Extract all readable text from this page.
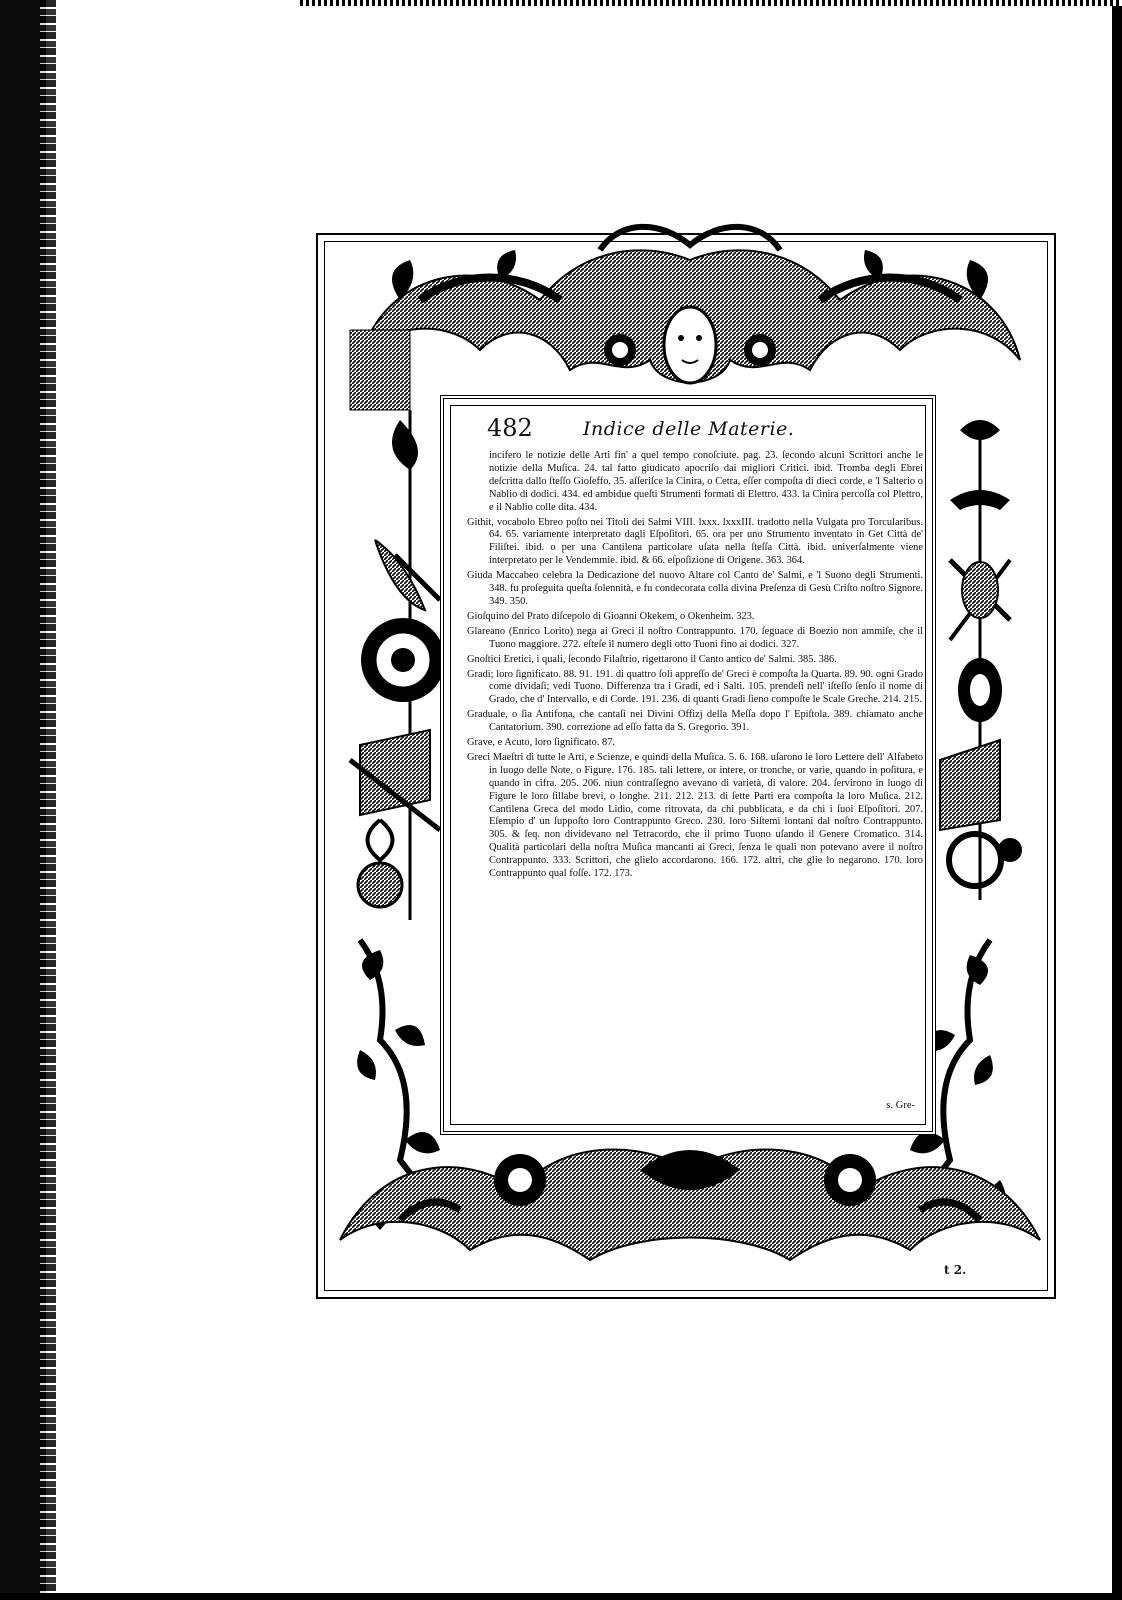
482	Indice delle Materie.

incifero le notizie delle Arti fin' a quel tempo conoſciute. pag. 23. ſecondo alcuni Scrittori anche le notizie della Muſica. 24. tal fatto giudicato apocriſo dai migliori Critici. ibid. Tromba degli Ebrei deſcritta dallo ſteſſo Gioſeffo. 35. aſſeriſce la Cinira, o Cetra, eſſer compoſta di dieci corde, e 'l Salterio o Nablio di dodici. 434. ed ambidue queſti Strumenti formati di Elettro. 433. la Cinira percoſſa col Plettro, e il Nablio colle dita. 434.

Githit, vocabolo Ebreo poſto nei Titoli dei Salmi VIII. lxxx. lxxxIII. tradotto nella Vulgata pro Torcularibus. 64. 65. variamente interpretato dagli Eſpoſitori. 65. ora per uno Strumento inventato in Get Città de' Filiſtei. ibid. o per una Cantilena particolare uſata nella ſteſſa Città. ibid. univerſalmente viene interpretato per le Vendemmie. ibid. & 66. eſpoſizione di Origene. 363. 364.

Giuda Maccabeo celebra la Dedicazione del nuovo Altare col Canto de' Salmi, e 'l Suono degli Strumenti. 348. fu proſeguita queſta ſolennità, e fu condecorata colla divina Preſenza di Gesù Criſto noſtro Signore. 349. 350.

Gioſquino del Prato diſcepolo di Gioanni Okekem, o Okenheim. 323.

Glareano (Enrico Lorito) nega ai Greci il noſtro Contrappunto. 170. ſeguace di Boezio non ammiſe, che il Tuono maggiore. 272. eſteſe il numero degli otto Tuoni fino ai dodici. 327.

Gnoſtici Eretici, i quali, ſecondo Filaſtrio, rigettarono il Canto antico de' Salmi. 385. 386.

Gradi; loro ſignificato. 88. 91. 191. di quattro ſoli appreſſo de' Greci è compoſta la Quarta. 89. 90. ogni Grado come dividaſi; vedi Tuono. Differenza tra i Gradi, ed i Salti. 105. prendeſi nell' iſteſſo ſenſo il nome di Grado, che d' Intervallo, e di Corde. 191. 236. di quanti Gradi ſieno compoſte le Scale Greche. 214. 215.

Graduale, o ſia Antifona, che cantaſi nei Divini Offizj della Meſſa dopo l' Epiſtola. 389. chiamato anche Cantatorium. 390. correzione ad eſſo fatta da S. Gregorio. 391.

Grave, e Acuto, loro ſignificato. 87.

Greci Maeſtri di tutte le Arti, e Scienze, e quindi della Muſica. 5. 6. 168. uſarono le loro Lettere dell' Alfabeto in luogo delle Note, o Figure. 176. 185. tali lettere, or intere, or tronche, or varie, quando in poſitura, e quando in cifra. 205. 206. niun contraſſegno avevano di varietà, di valore. 204. ſervirono in luogo di Figure le loro ſillabe brevi, o longhe. 211. 212. 213. di ſette Parti era compoſta la loro Muſica. 212. Cantilena Greca del modo Lidio, come ritrovata, da chi pubblicata, e da chi i ſuoi Eſpoſitori. 207. Eſempio d' un ſuppoſto loro Contrappunto Greco. 230. loro Siſtemi lontani dal noſtro Contrappunto. 305. & ſeq. non dividevano nel Tetracordo, che il primo Tuono uſando il Genere Cromatico. 314. Qualità particolari della noſtra Muſica mancanti ai Greci, ſenza le quali non potevano avere il noſtro Contrappunto. 333. Scrittori, che glielo accordarono. 166. 172. altri, che glie lo negarono. 170. loro Contrappunto qual foſſe. 172. 173.

s. Gre-
t 2.
